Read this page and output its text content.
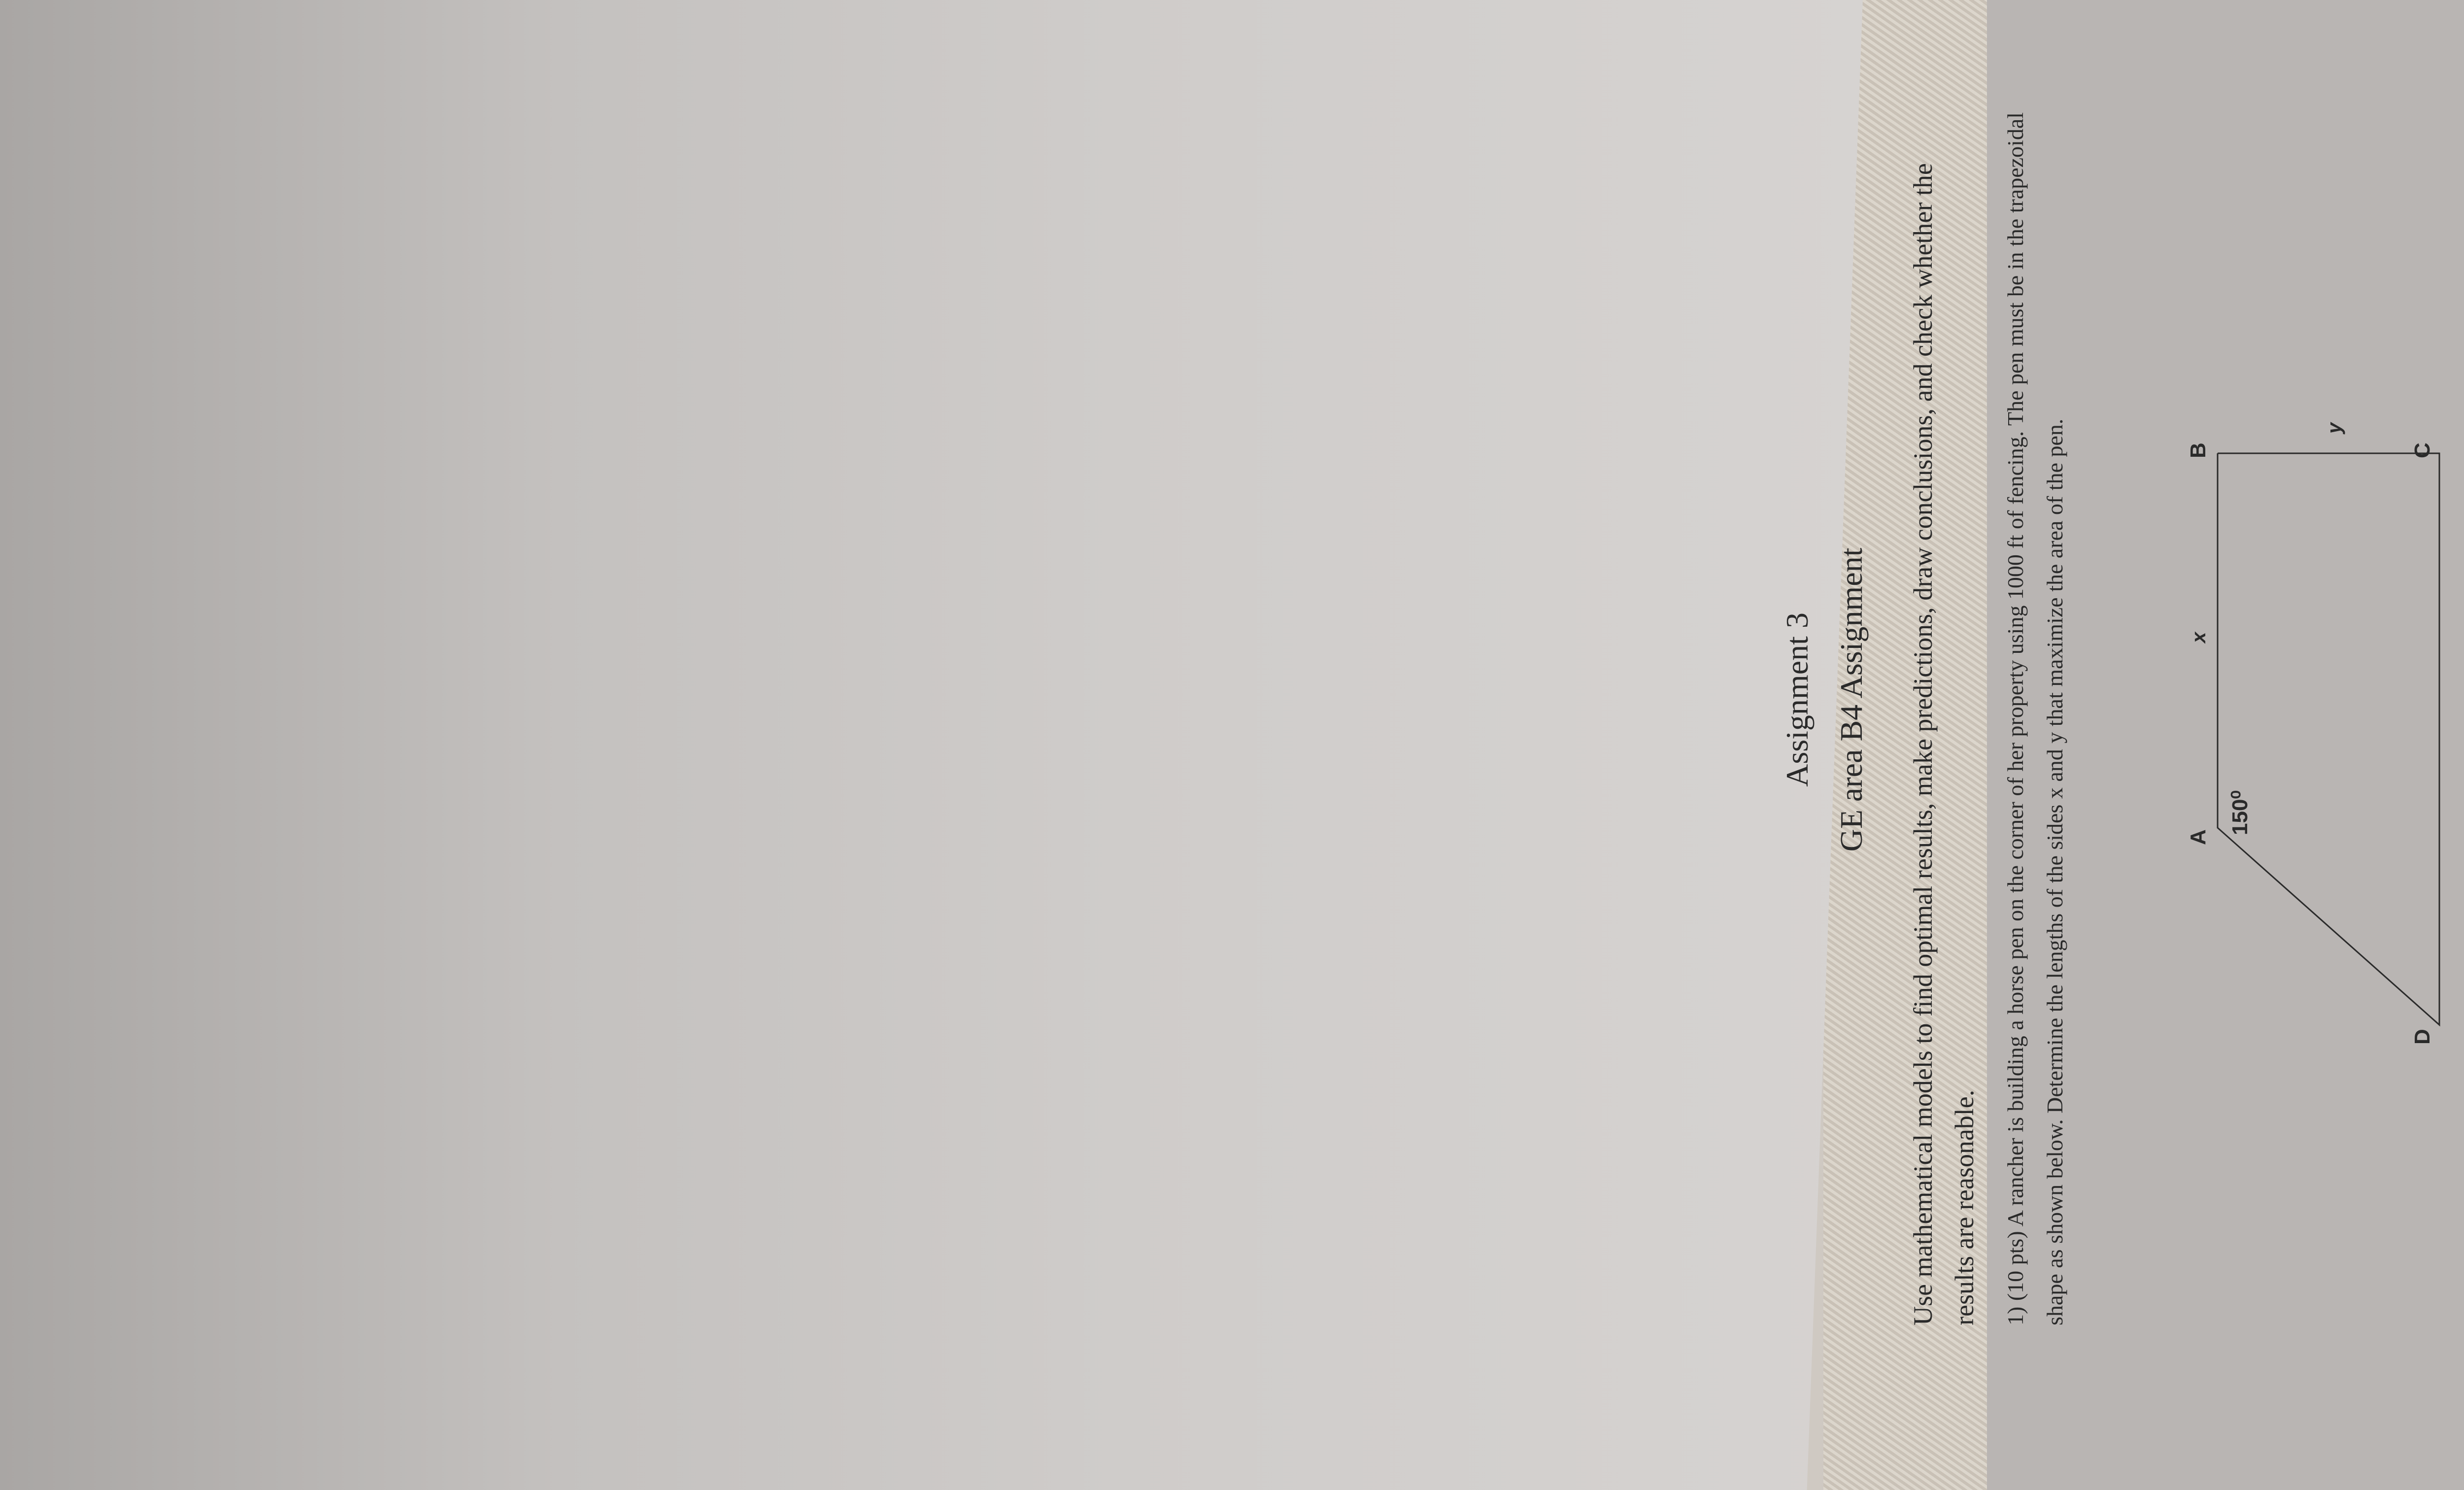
Assignment 3 GE area B4 Assignment Use mathematical models to find optimal results, make predictions, draw conclusions, and check whether the results are reasonable.	1) (10 pts) A rancher is building a horse pen on the corner of her property using 1000 ft of fencing. The pen must be in the trapezoidal shape as shown below. Determine the lengths of the sides x and y that maximize the area of the pen.	A
B	C
D
x
y
150⁰
